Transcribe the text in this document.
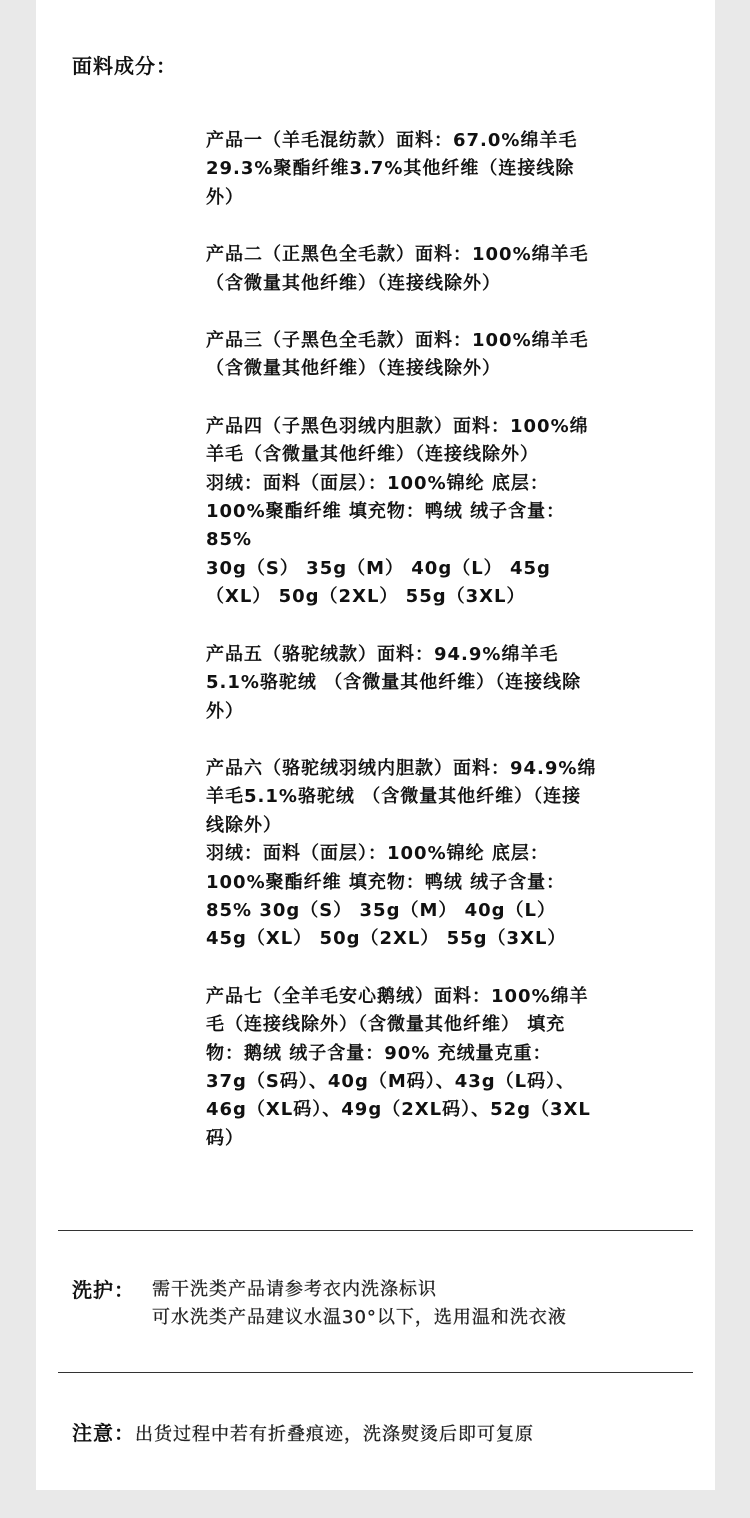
面料成分：

产品一（羊毛混纺款）面料：67.0%绵羊毛

29.3%聚酯纤维3.7%其他纤维（连接线除

外）

产品二（正黑色全毛款）面料：100%绵羊毛

（含微量其他纤维）（连接线除外）

产品三（子黑色全毛款）面料：100%绵羊毛

（含微量其他纤维）（连接线除外）

产品四（子黑色羽绒内胆款）面料：100%绵

羊毛（含微量其他纤维）（连接线除外）

羽绒：面料（面层）：100%锦纶 底层：

100%聚酯纤维 填充物：鸭绒 绒子含量：

85%

30g（S） 35g（M） 40g（L） 45g

（XL） 50g（2XL） 55g（3XL）

产品五（骆驼绒款）面料：94.9%绵羊毛

5.1%骆驼绒 （含微量其他纤维）（连接线除

外）

产品六（骆驼绒羽绒内胆款）面料：94.9%绵

羊毛5.1%骆驼绒 （含微量其他纤维）（连接

线除外）

羽绒：面料（面层）：100%锦纶 底层：

100%聚酯纤维 填充物：鸭绒 绒子含量：

85% 30g（S） 35g（M） 40g（L）

45g（XL） 50g（2XL） 55g（3XL）

产品七（全羊毛安心鹅绒）面料：100%绵羊

毛（连接线除外）（含微量其他纤维） 填充

物：鹅绒 绒子含量：90% 充绒量克重：

37g（S码）、40g（M码）、43g（L码）、

46g（XL码）、49g（2XL码）、52g（3XL

码）

洗护： 需干洗类产品请参考衣内洗涤标识

可水洗类产品建议水温30°以下，选用温和洗衣液

注意：出货过程中若有折叠痕迹，洗涤熨烫后即可复原
